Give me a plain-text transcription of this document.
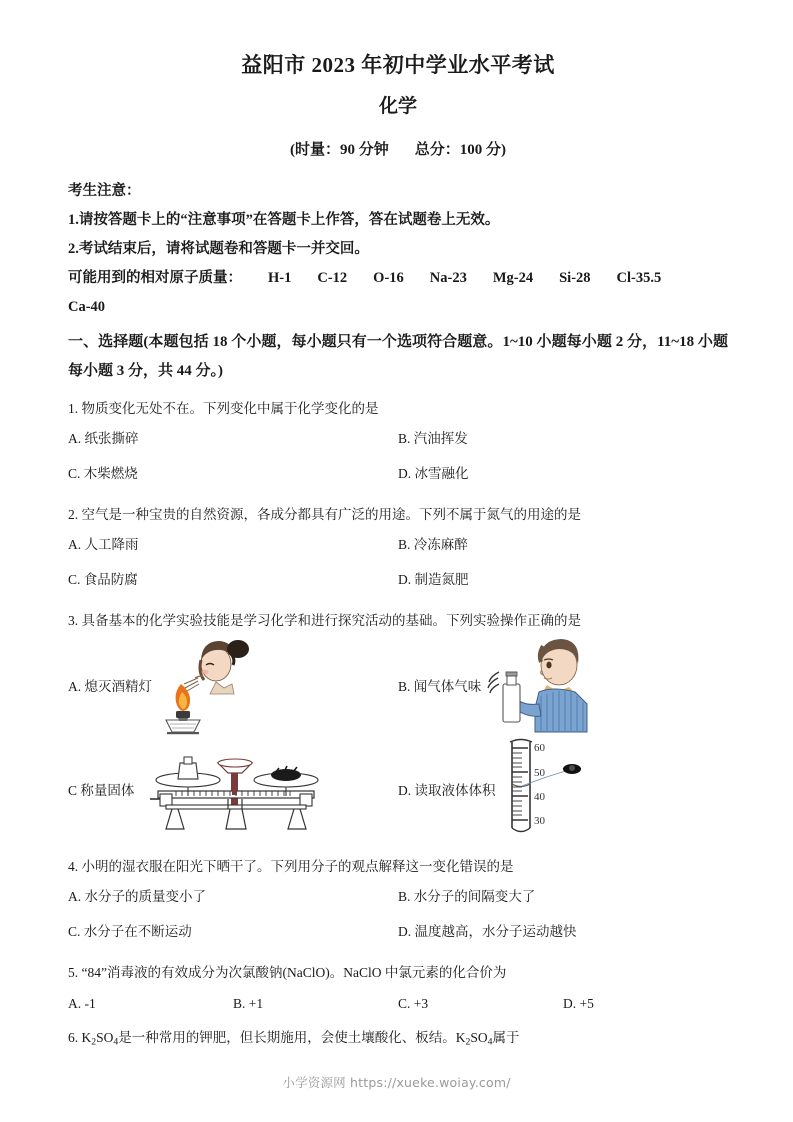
益阳市 2023 年初中学业水平考试
化学
(时量：90 分钟 总分：100 分)
考生注意：
1.请按答题卡上的“注意事项”在答题卡上作答，答在试题卷上无效。
2.考试结束后，请将试题卷和答题卡一并交回。
可能用到的相对原子质量： H-1 C-12 O-16 Na-23 Mg-24 Si-28 Cl-35.5
Ca-40
一、选择题(本题包括 18 个小题，每小题只有一个选项符合题意。1~10 小题每小题 2 分，11~18 小题每小题 3 分，共 44 分。)
1. 物质变化无处不在。下列变化中属于化学变化的是
A. 纸张撕碎	B. 汽油挥发
C. 木柴燃烧	D. 冰雪融化
2. 空气是一种宝贵的自然资源，各成分都具有广泛的用途。下列不属于氮气的用途的是
A. 人工降雨	B. 冷冻麻醉
C. 食品防腐	D. 制造氮肥
3. 具备基本的化学实验技能是学习化学和进行探究活动的基础。下列实验操作正确的是
A. 熄灭酒精灯	B. 闻气体气味
C 称量固体	D. 读取液体体积
60
50
40
30
4. 小明的湿衣服在阳光下晒干了。下列用分子的观点解释这一变化错误的是
A. 水分子的质量变小了	B. 水分子的间隔变大了
C. 水分子在不断运动	D. 温度越高，水分子运动越快
5. “84”消毒液的有效成分为次氯酸钠(NaClO)。NaClO 中氯元素的化合价为
A. -1	B. +1	C. +3	D. +5
6. $K_2SO_4$是一种常用的钾肥，但长期施用，会使土壤酸化、板结。$K_2SO_4$属于
小学资源网 https://xueke.woiay.com/
